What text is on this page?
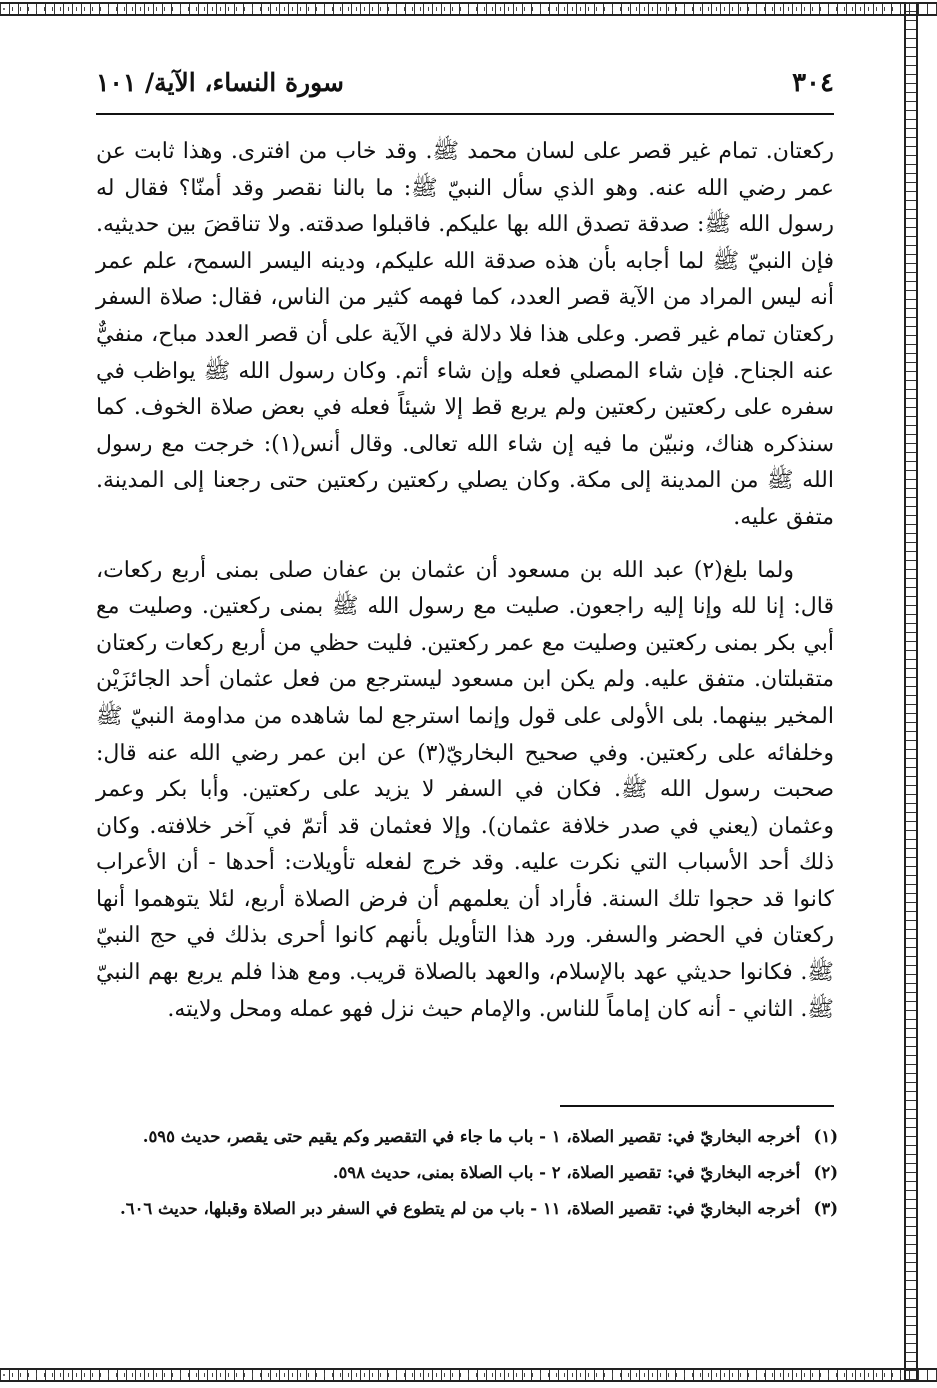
٣٠٤
سورة النساء، الآية/ ١٠١

ركعتان. تمام غير قصر على لسان محمد ﷺ. وقد خاب من افترى. وهذا ثابت عن عمر رضي الله عنه. وهو الذي سأل النبيّ ﷺ: ما بالنا نقصر وقد أمنّا؟ فقال له رسول الله ﷺ: صدقة تصدق الله بها عليكم. فاقبلوا صدقته. ولا تناقضَ بين حديثيه. فإن النبيّ ﷺ لما أجابه بأن هذه صدقة الله عليكم، ودينه اليسر السمح، علم عمر أنه ليس المراد من الآية قصر العدد، كما فهمه كثير من الناس، فقال: صلاة السفر ركعتان تمام غير قصر. وعلى هذا فلا دلالة في الآية على أن قصر العدد مباح، منفيٌّ عنه الجناح. فإن شاء المصلي فعله وإن شاء أتم. وكان رسول الله ﷺ يواظب في سفره على ركعتين ركعتين ولم يربع قط إلا شيئاً فعله في بعض صلاة الخوف. كما سنذكره هناك، ونبيّن ما فيه إن شاء الله تعالى. وقال أنس(١): خرجت مع رسول الله ﷺ من المدينة إلى مكة. وكان يصلي ركعتين ركعتين حتى رجعنا إلى المدينة. متفق عليه.

ولما بلغ(٢) عبد الله بن مسعود أن عثمان بن عفان صلى بمنى أربع ركعات، قال: إنا لله وإنا إليه راجعون. صليت مع رسول الله ﷺ بمنى ركعتين. وصليت مع أبي بكر بمنى ركعتين وصليت مع عمر ركعتين. فليت حظي من أربع ركعات ركعتان متقبلتان. متفق عليه. ولم يكن ابن مسعود ليسترجع من فعل عثمان أحد الجائزَيْن المخير بينهما. بلى الأولى على قول وإنما استرجع لما شاهده من مداومة النبيّ ﷺ وخلفائه على ركعتين. وفي صحيح البخاريّ(٣) عن ابن عمر رضي الله عنه قال: صحبت رسول الله ﷺ. فكان في السفر لا يزيد على ركعتين. وأبا بكر وعمر وعثمان (يعني في صدر خلافة عثمان). وإلا فعثمان قد أتمّ في آخر خلافته. وكان ذلك أحد الأسباب التي نكرت عليه. وقد خرج لفعله تأويلات: أحدها - أن الأعراب كانوا قد حجوا تلك السنة. فأراد أن يعلمهم أن فرض الصلاة أربع، لئلا يتوهموا أنها ركعتان في الحضر والسفر. ورد هذا التأويل بأنهم كانوا أحرى بذلك في حج النبيّ ﷺ. فكانوا حديثي عهد بالإسلام، والعهد بالصلاة قريب. ومع هذا فلم يربع بهم النبيّ ﷺ. الثاني - أنه كان إماماً للناس. والإمام حيث نزل فهو عمله ومحل ولايته.

(١) أخرجه البخاريّ في: تقصير الصلاة، ١ - باب ما جاء في التقصير وكم يقيم حتى يقصر، حديث ٥٩٥.

(٢) أخرجه البخاريّ في: تقصير الصلاة، ٢ - باب الصلاة بمنى، حديث ٥٩٨.

(٣) أخرجه البخاريّ في: تقصير الصلاة، ١١ - باب من لم يتطوع في السفر دبر الصلاة وقبلها، حديث ٦٠٦.
